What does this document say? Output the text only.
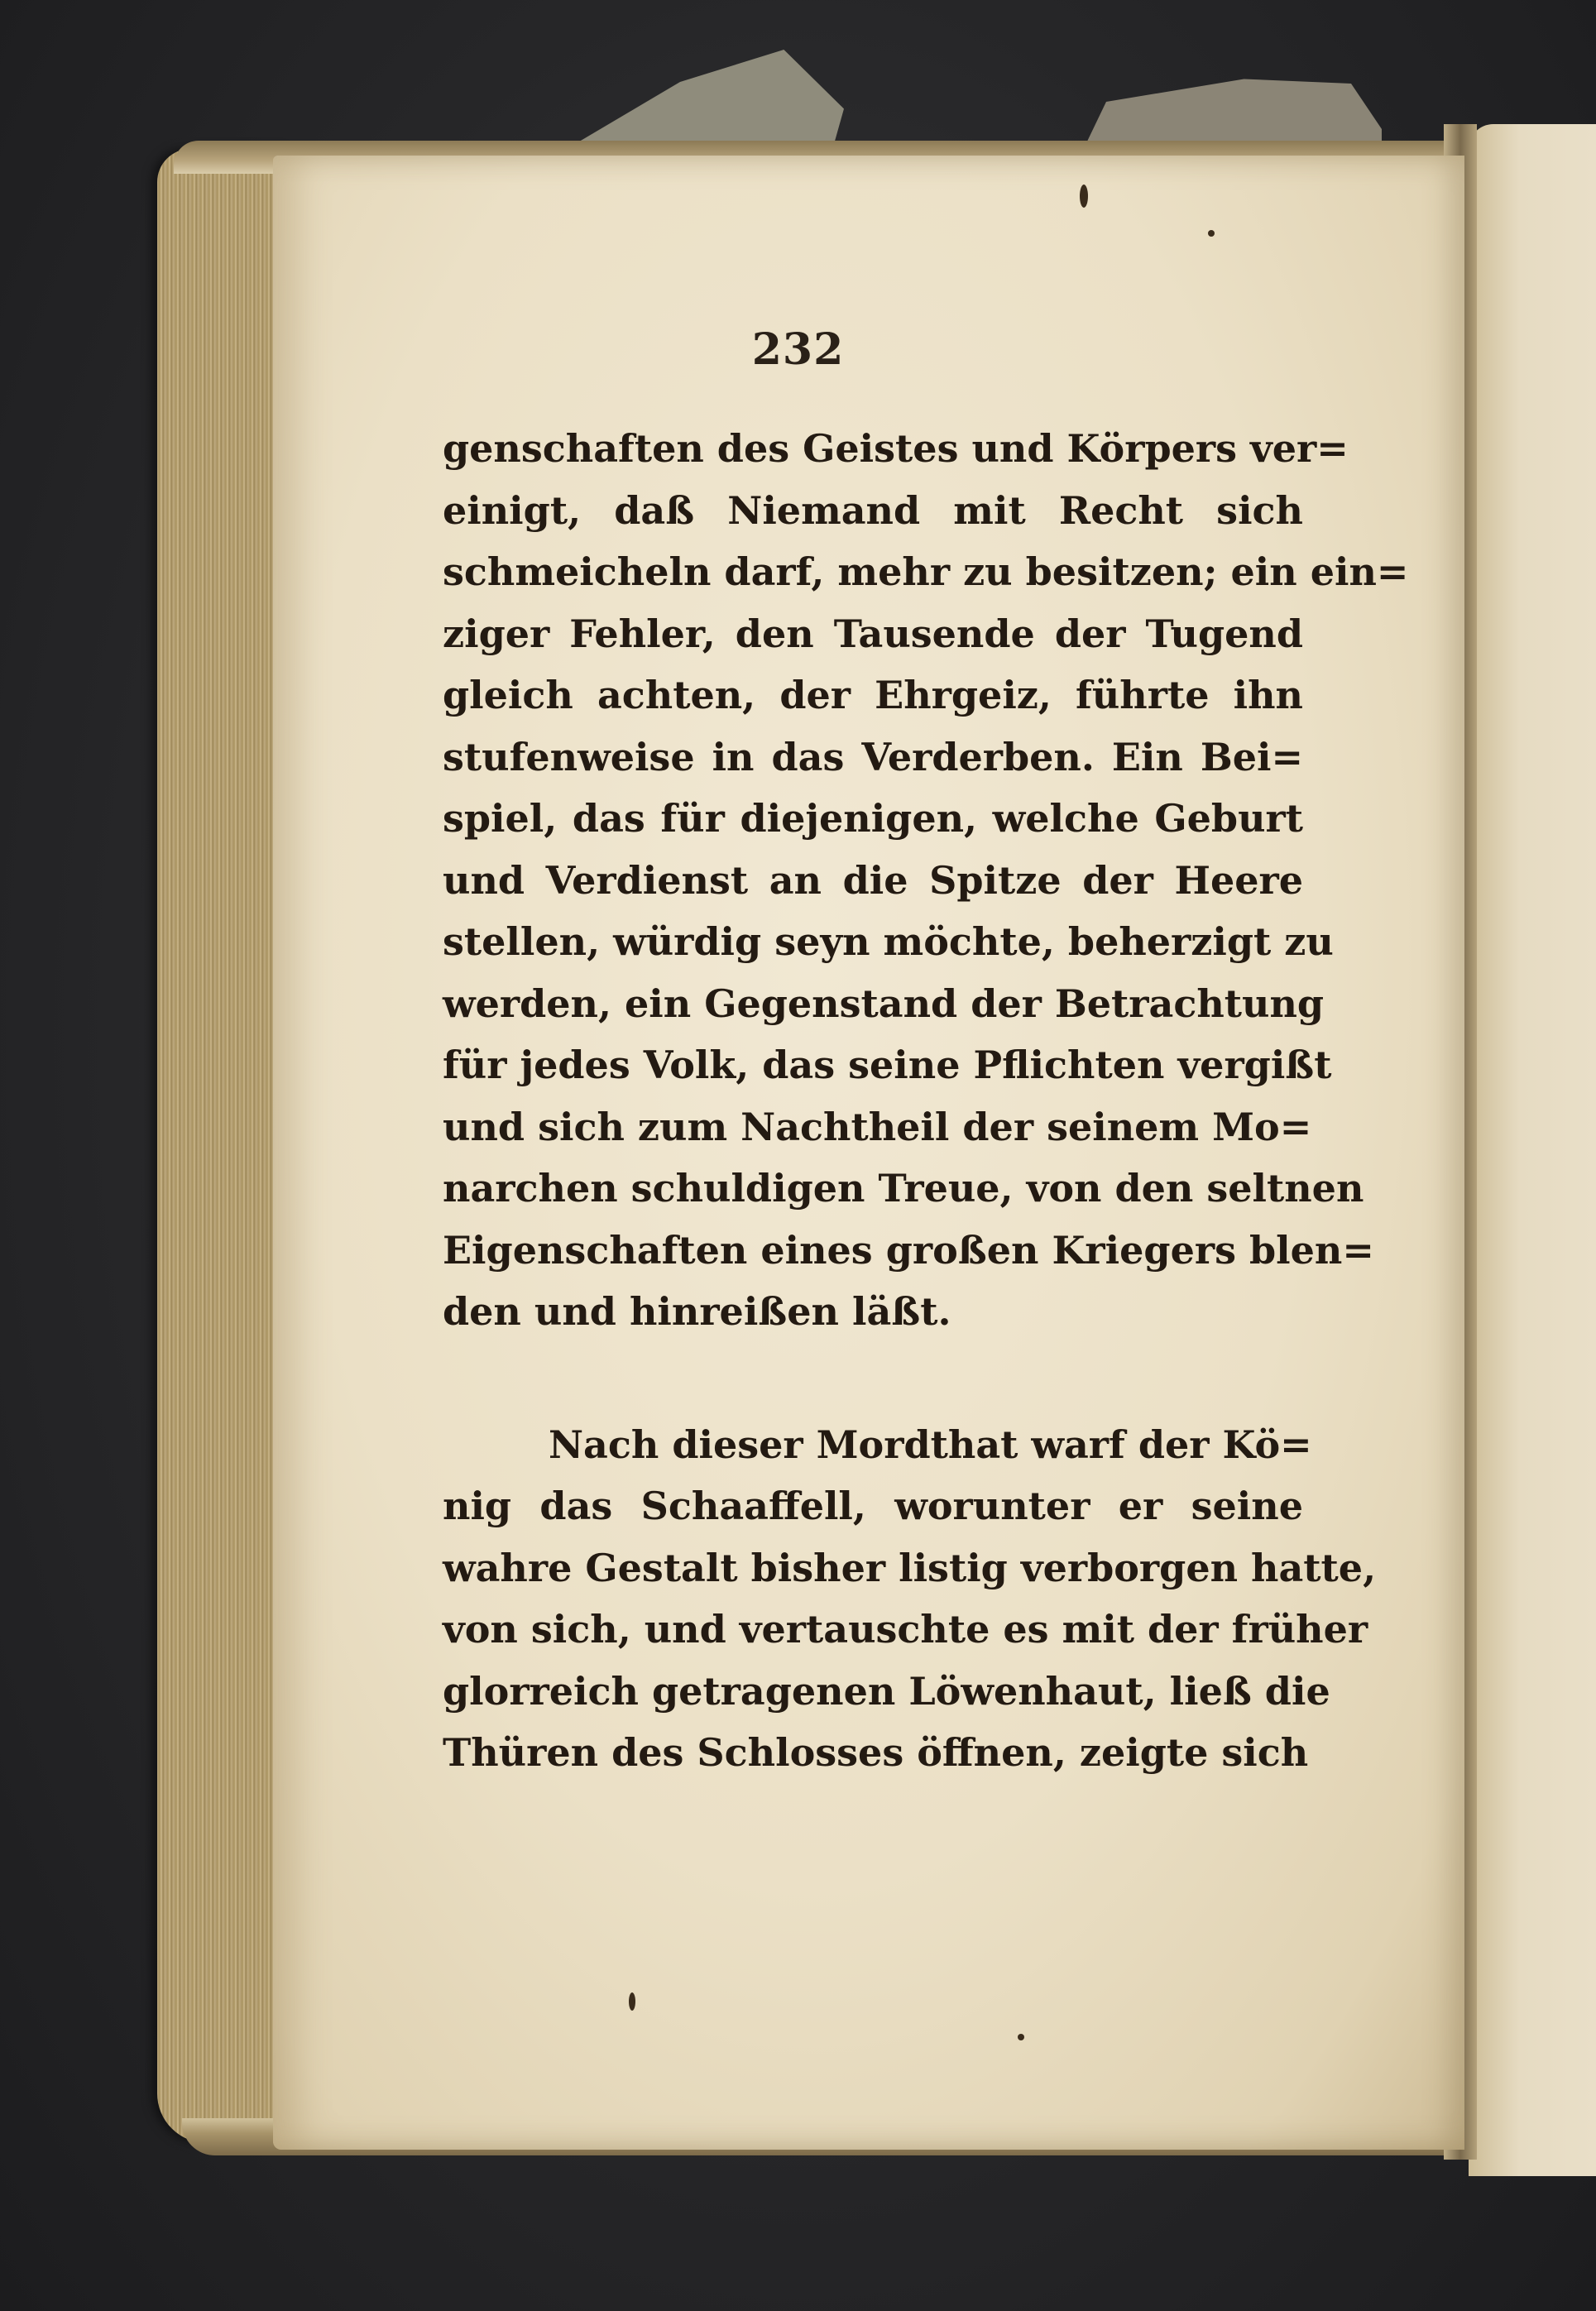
232
genschaften des Geistes und Körpers ver=
einigt, daß Niemand mit Recht sich
schmeicheln darf, mehr zu besitzen; ein ein=
ziger Fehler, den Tausende der Tugend
gleich achten, der Ehrgeiz, führte ihn
stufenweise in das Verderben. Ein Bei=
spiel, das für diejenigen, welche Geburt
und Verdienst an die Spitze der Heere
stellen, würdig seyn möchte, beherzigt zu
werden, ein Gegenstand der Betrachtung
für jedes Volk, das seine Pflichten vergißt
und sich zum Nachtheil der seinem Mo=
narchen schuldigen Treue, von den seltnen
Eigenschaften eines großen Kriegers blen=
den und hinreißen läßt.
Nach dieser Mordthat warf der Kö=
nig das Schaaffell, worunter er seine
wahre Gestalt bisher listig verborgen hatte,
von sich, und vertauschte es mit der früher
glorreich getragenen Löwenhaut, ließ die
Thüren des Schlosses öffnen, zeigte sich
